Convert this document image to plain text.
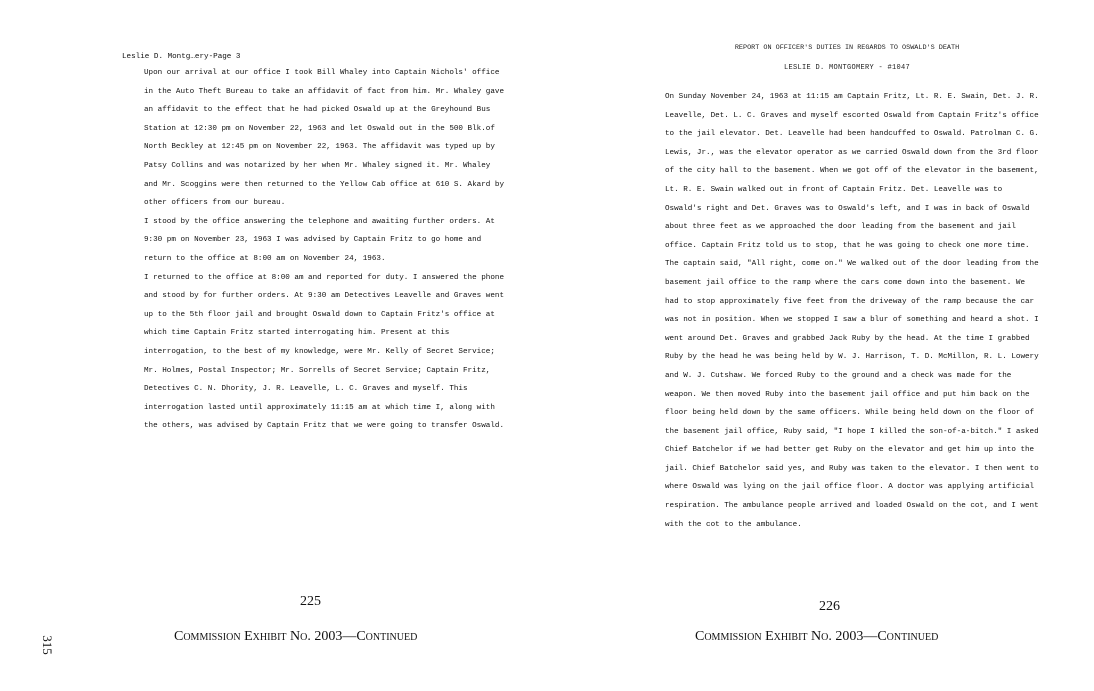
Leslie D. Montg…ery-Page 3

Upon our arrival at our office I took Bill Whaley into Captain Nichols' office in the Auto Theft Bureau to take an affidavit of fact from him. Mr. Whaley gave an affidavit to the effect that he had picked Oswald up at the Greyhound Bus Station at 12:30 pm on November 22, 1963 and let Oswald out in the 500 Blk.of North Beckley at 12:45 pm on November 22, 1963. The affidavit was typed up by Patsy Collins and was notarized by her when Mr. Whaley signed it. Mr. Whaley and Mr. Scoggins were then returned to the Yellow Cab office at 610 S. Akard by other officers from our bureau.

I stood by the office answering the telephone and awaiting further orders. At 9:30 pm on November 23, 1963 I was advised by Captain Fritz to go home and return to the office at 8:00 am on November 24, 1963.

I returned to the office at 8:00 am and reported for duty. I answered the phone and stood by for further orders. At 9:30 am Detectives Leavelle and Graves went up to the 5th floor jail and brought Oswald down to Captain Fritz's office at which time Captain Fritz started interrogating him. Present at this interrogation, to the best of my knowledge, were Mr. Kelly of Secret Service; Mr. Holmes, Postal Inspector; Mr. Sorrells of Secret Service; Captain Fritz, Detectives C. N. Dhority, J. R. Leavelle, L. C. Graves and myself. This interrogation lasted until approximately 11:15 am at which time I, along with the others, was advised by Captain Fritz that we were going to transfer Oswald.

225
Commission Exhibit No. 2003—Continued
315
REPORT ON OFFICER'S DUTIES IN REGARDS TO OSWALD'S DEATH
LESLIE D. MONTGOMERY - #1047

On Sunday November 24, 1963 at 11:15 am Captain Fritz, Lt. R. E. Swain, Det. J. R. Leavelle, Det. L. C. Graves and myself escorted Oswald from Captain Fritz's office to the jail elevator. Det. Leavelle had been handcuffed to Oswald. Patrolman C. G. Lewis, Jr., was the elevator operator as we carried Oswald down from the 3rd floor of the city hall to the basement. When we got off of the elevator in the basement, Lt. R. E. Swain walked out in front of Captain Fritz. Det. Leavelle was to Oswald's right and Det. Graves was to Oswald's left, and I was in back of Oswald about three feet as we approached the door leading from the basement and jail office. Captain Fritz told us to stop, that he was going to check one more time. The captain said, "All right, come on." We walked out of the door leading from the basement jail office to the ramp where the cars come down into the basement. We had to stop approximately five feet from the driveway of the ramp because the car was not in position. When we stopped I saw a blur of something and heard a shot. I went around Det. Graves and grabbed Jack Ruby by the head. At the time I grabbed Ruby by the head he was being held by W. J. Harrison, T. D. McMillon, R. L. Lowery and W. J. Cutshaw. We forced Ruby to the ground and a check was made for the weapon. We then moved Ruby into the basement jail office and put him back on the floor being held down by the same officers. While being held down on the floor of the basement jail office, Ruby said, "I hope I killed the son-of-a-bitch." I asked Chief Batchelor if we had better get Ruby on the elevator and get him up into the jail. Chief Batchelor said yes, and Ruby was taken to the elevator. I then went to where Oswald was lying on the jail office floor. A doctor was applying artificial respiration. The ambulance people arrived and loaded Oswald on the cot, and I went with the cot to the ambulance.

226
Commission Exhibit No. 2003—Continued
